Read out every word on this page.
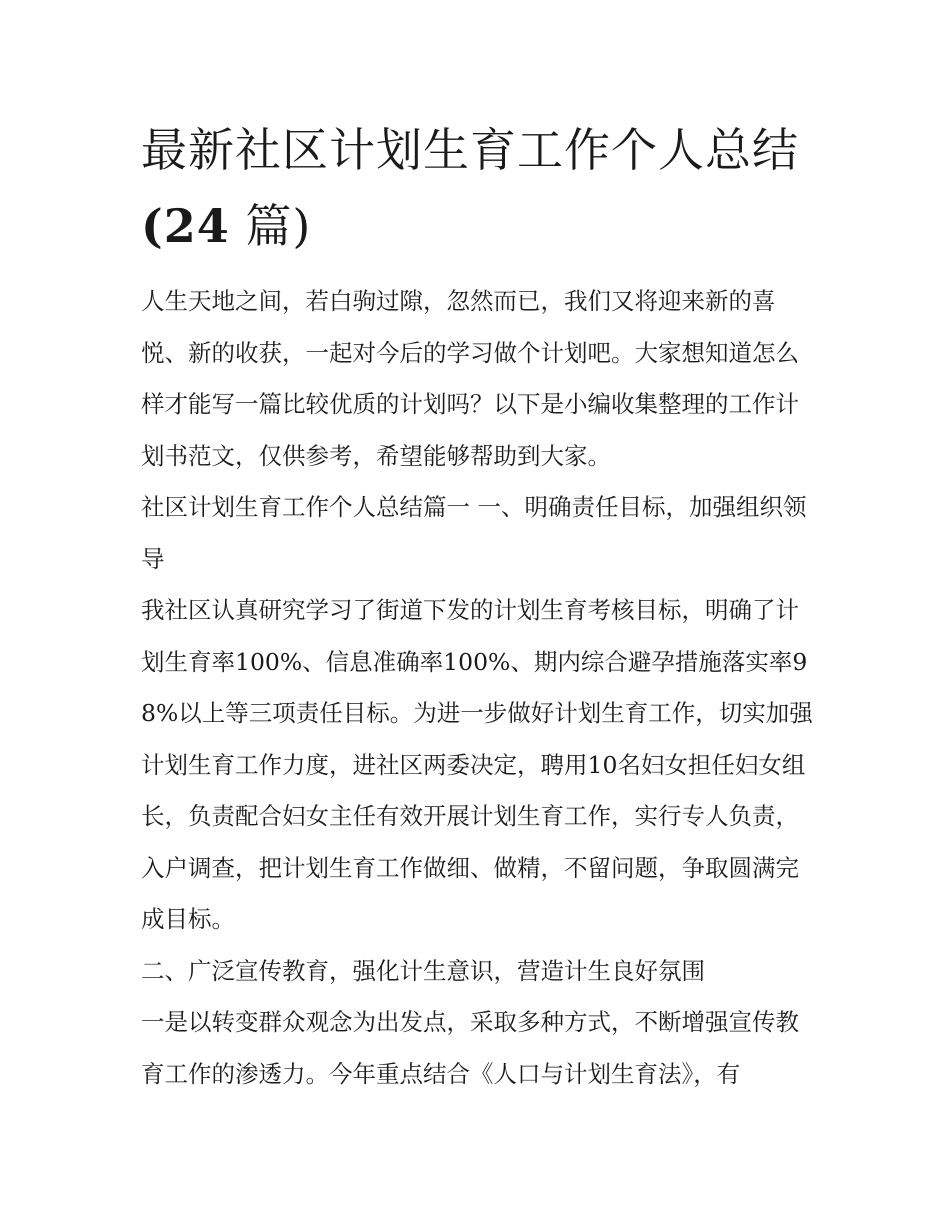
最新社区计划生育工作个人总结(24 篇)

人生天地之间，若白驹过隙，忽然而已，我们又将迎来新的喜悦、新的收获，一起对今后的学习做个计划吧。大家想知道怎么样才能写一篇比较优质的计划吗？以下是小编收集整理的工作计划书范文，仅供参考，希望能够帮助到大家。

社区计划生育工作个人总结篇一 一、明确责任目标，加强组织领导

我社区认真研究学习了街道下发的计划生育考核目标，明确了计划生育率100%、信息准确率100%、期内综合避孕措施落实率98%以上等三项责任目标。为进一步做好计划生育工作，切实加强计划生育工作力度，进社区两委决定，聘用10名妇女担任妇女组长，负责配合妇女主任有效开展计划生育工作，实行专人负责，入户调查，把计划生育工作做细、做精，不留问题，争取圆满完成目标。

二、广泛宣传教育，强化计生意识，营造计生良好氛围

一是以转变群众观念为出发点，采取多种方式，不断增强宣传教育工作的渗透力。今年重点结合《人口与计划生育法》，有
